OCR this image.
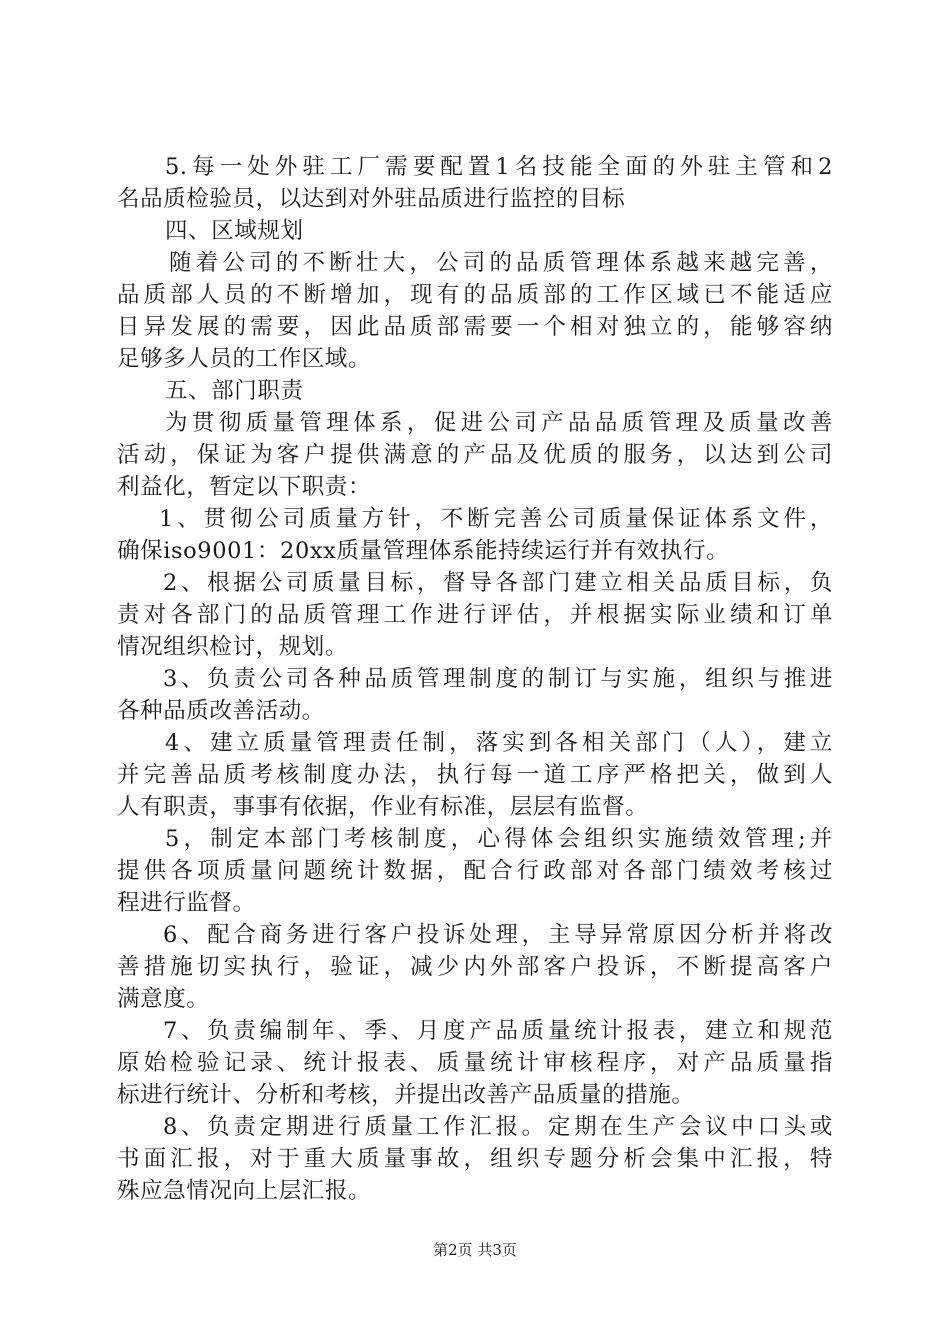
5.每一处外驻工厂需要配置1名技能全面的外驻主管和2
名品质检验员，以达到对外驻品质进行监控的目标
四、区域规划
随着公司的不断壮大，公司的品质管理体系越来越完善，
品质部人员的不断增加，现有的品质部的工作区域已不能适应
日异发展的需要，因此品质部需要一个相对独立的，能够容纳
足够多人员的工作区域。
五、部门职责
为贯彻质量管理体系，促进公司产品品质管理及质量改善
活动，保证为客户提供满意的产品及优质的服务，以达到公司
利益化，暂定以下职责：
1、贯彻公司质量方针，不断完善公司质量保证体系文件，
确保iso9001：20xx质量管理体系能持续运行并有效执行。
2、根据公司质量目标，督导各部门建立相关品质目标，负
责对各部门的品质管理工作进行评估，并根据实际业绩和订单
情况组织检讨，规划。
3、负责公司各种品质管理制度的制订与实施，组织与推进
各种品质改善活动。
4、建立质量管理责任制，落实到各相关部门（人），建立
并完善品质考核制度办法，执行每一道工序严格把关，做到人
人有职责，事事有依据，作业有标准，层层有监督。
5，制定本部门考核制度，心得体会组织实施绩效管理;并
提供各项质量问题统计数据，配合行政部对各部门绩效考核过
程进行监督。
6、配合商务进行客户投诉处理，主导异常原因分析并将改
善措施切实执行，验证，减少内外部客户投诉，不断提高客户
满意度。
7、负责编制年、季、月度产品质量统计报表，建立和规范
原始检验记录、统计报表、质量统计审核程序，对产品质量指
标进行统计、分析和考核，并提出改善产品质量的措施。
8、负责定期进行质量工作汇报。定期在生产会议中口头或
书面汇报，对于重大质量事故，组织专题分析会集中汇报，特
殊应急情况向上层汇报。
第2页 共3页
